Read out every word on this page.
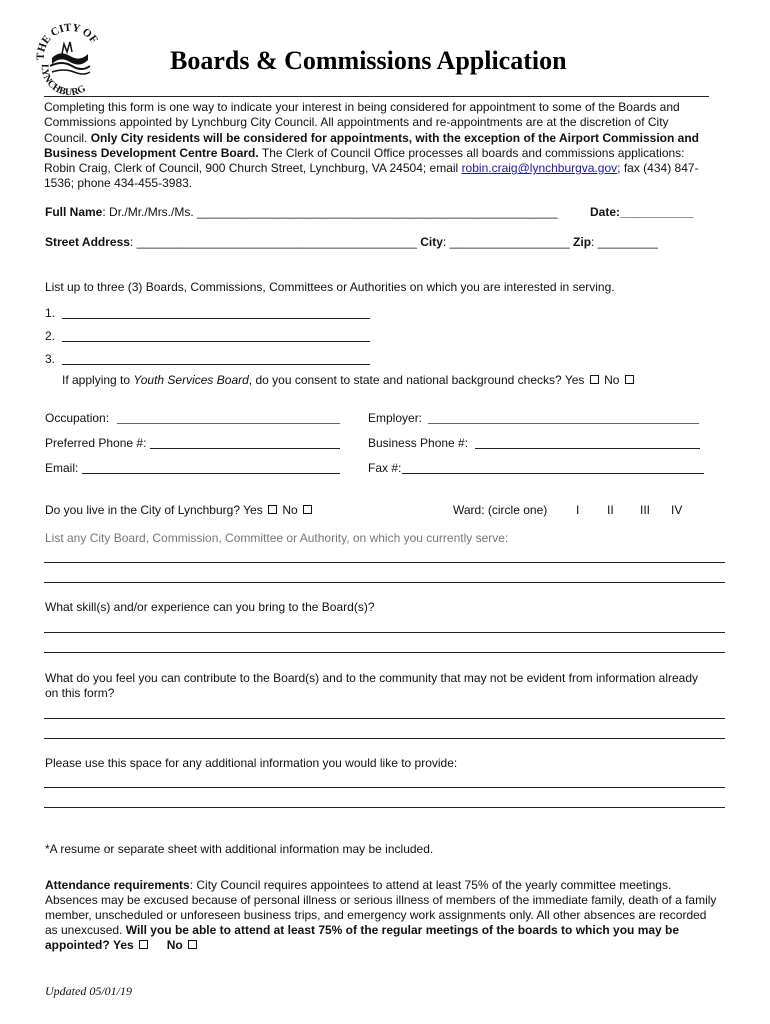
THE CITY OF
LYNCHBURG
Boards & Commissions Application
Completing this form is one way to indicate your interest in being considered for appointment to some of the Boards and Commissions appointed by Lynchburg City Council. All appointments and re-appointments are at the discretion of City Council. Only City residents will be considered for appointments, with the exception of the Airport Commission and Business Development Centre Board. The Clerk of Council Office processes all boards and commissions applications: Robin Craig, Clerk of Council, 900 Church Street, Lynchburg, VA 24504; email robin.craig@lynchburgva.gov; fax (434) 847-1536; phone 434-455-3983.
Full Name: Dr./Mr./Mrs./Ms. ______________________________________________________	Date:___________
Street Address: __________________________________________ City: __________________ Zip: _________
List up to three (3) Boards, Commissions, Committees or Authorities on which you are interested in serving.
1.
2.
3.
If applying to Youth Services Board, do you consent to state and national background checks? Yes No
Occupation:	Employer:
Preferred Phone #:	Business Phone #:
Email:	Fax #:
Do you live in the City of Lynchburg? Yes No	Ward: (circle one) I II III IV
List any City Board, Commission, Committee or Authority, on which you currently serve:
What skill(s) and/or experience can you bring to the Board(s)?
What do you feel you can contribute to the Board(s) and to the community that may not be evident from information already on this form?
Please use this space for any additional information you would like to provide:
*A resume or separate sheet with additional information may be included.
Attendance requirements: City Council requires appointees to attend at least 75% of the yearly committee meetings. Absences may be excused because of personal illness or serious illness of members of the immediate family, death of a family member, unscheduled or unforeseen business trips, and emergency work assignments only. All other absences are recorded as unexcused. Will you be able to attend at least 75% of the regular meetings of the boards to which you may be appointed? Yes	No
Updated 05/01/19
